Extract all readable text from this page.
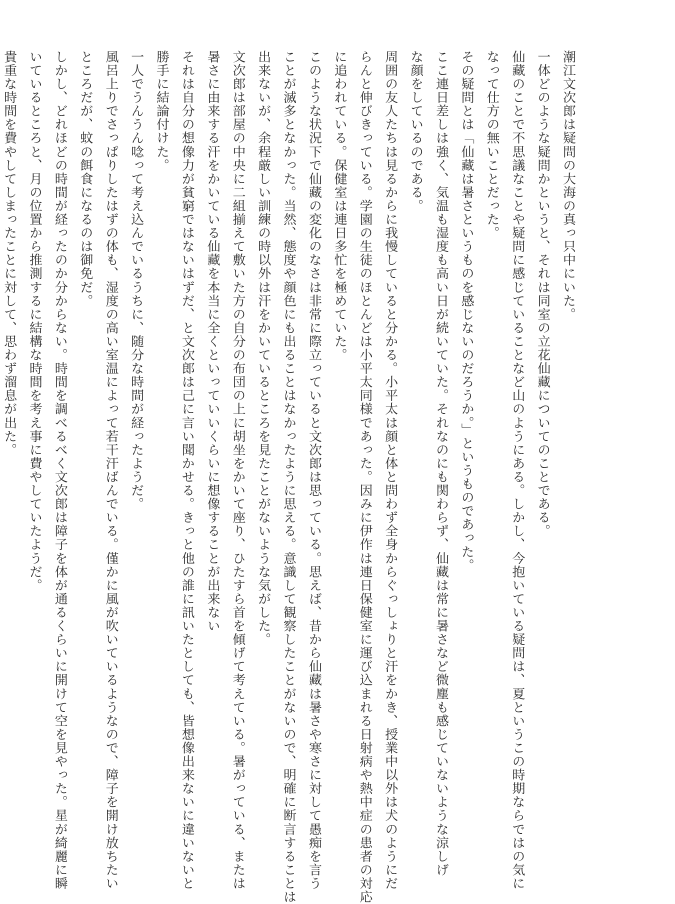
潮江文次郎は疑問の大海の真っ只中にいた。
一体どのような疑問かというと、それは同室の立花仙藏についてのことである。
仙藏のことで不思議なことや疑問に感じていることなど山のようにある。しかし、今抱いている疑問は、夏というこの時期ならではの気に
なって仕方の無いことだった。
その疑問とは「仙藏は暑さというものを感じないのだろうか。」というものであった。
ここ連日差しは強く、気温も湿度も高い日が続いていた。それなのにも関わらず、仙藏は常に暑さなど微塵も感じていないような涼しげ
な顔をしているのである。
周囲の友人たちは見るからに我慢していると分かる。小平太は顔と体と問わず全身からぐっしょりと汗をかき、授業中以外は犬のようにだ
らんと伸びきっている。学園の生徒のほとんどは小平太同様であった。因みに伊作は連日保健室に運び込まれる日射病や熱中症の患者の対応
に追われている。保健室は連日多忙を極めていた。
このような状況下で仙藏の変化のなさは非常に際立っていると文次郎は思っている。思えば、昔から仙藏は暑さや寒さに対して愚痴を言う
ことが滅多となかった。当然、態度や顔色にも出ることはなかったように思える。意識して観察したことがないので、明確に断言することは
出来ないが、余程厳しい訓練の時以外は汗をかいているところを見たことがないような気がした。
文次郎は部屋の中央に二組揃えて敷いた方の自分の布団の上に胡坐をかいて座り、ひたすら首を傾げて考えている。暑がっている、または
暑さに由来する汗をかいている仙藏を本当に全くといっていいくらいに想像することが出来ない
それは自分の想像力が貧窮ではないはずだ、と文次郎は己に言い聞かせる。きっと他の誰に訊いたとしても、皆想像出来ないに違いないと
勝手に結論付けた。
一人でうんうん唸って考え込んでいるうちに、随分な時間が経ったようだ。
風呂上りでさっぱりしたはずの体も、湿度の高い室温によって若干汗ばんでいる。僅かに風が吹いているようなので、障子を開け放ちたい
ところだが、蚊の餌食になるのは御免だ。
しかし、どれほどの時間が経ったのか分からない。時間を調べるべく文次郎は障子を体が通るくらいに開けて空を見やった。星が綺麗に瞬
いているところと、月の位置から推測するに結構な時間を考え事に費やしていたようだ。
貴重な時間を費やしてしまったことに対して、思わず溜息が出た。
